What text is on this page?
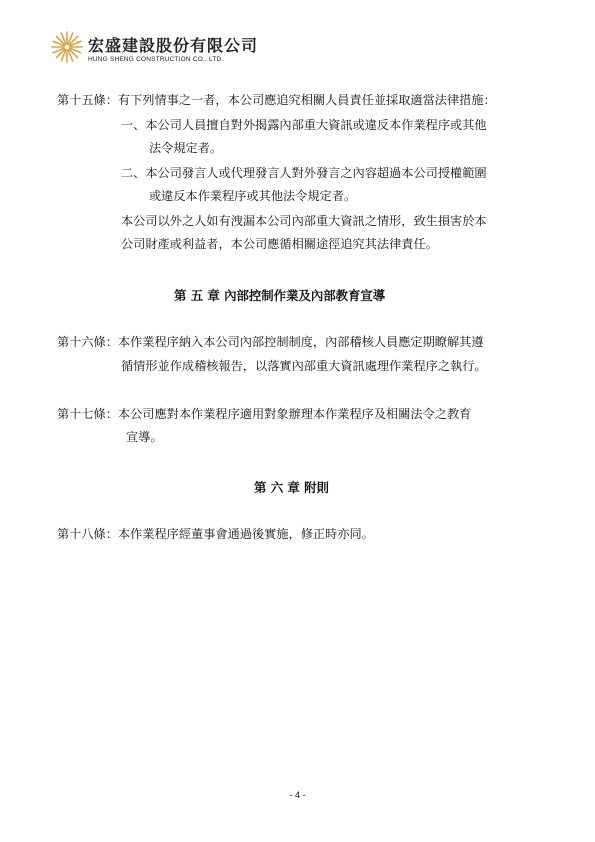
宏盛建設股份有限公司
HUNG SHENG CONSTRUCTION CO., LTD.
第十五條：有下列情事之一者，本公司應追究相關人員責任並採取適當法律措施：
一、本公司人員擅自對外揭露內部重大資訊或違反本作業程序或其他
法令規定者。
二、本公司發言人或代理發言人對外發言之內容超過本公司授權範圍
或違反本作業程序或其他法令規定者。
本公司以外之人如有洩漏本公司內部重大資訊之情形，致生損害於本
公司財產或利益者，本公司應循相關途徑追究其法律責任。
第 五 章 內部控制作業及內部教育宣導
第十六條：本作業程序納入本公司內部控制制度，內部稽核人員應定期瞭解其遵
循情形並作成稽核報告，以落實內部重大資訊處理作業程序之執行。
第十七條：本公司應對本作業程序適用對象辦理本作業程序及相關法令之教育
宣導。
第 六 章 附則
第十八條：本作業程序經董事會通過後實施，修正時亦同。
- 4 -
